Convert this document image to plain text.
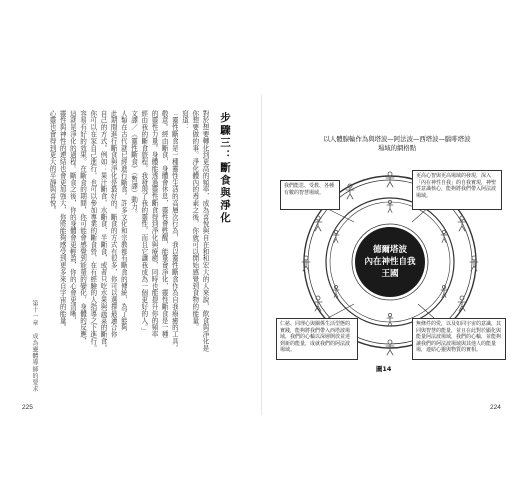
步驟三：斷食與淨化
對於想要轉化到更高的頻率，成為喜悅與自在和和宏大的人來說，飲食與淨化是
你想要做的事。淨化體內的毒素之後，你就可以開始感覺到食物的能量。
寫道：
「靈性斷食是一種靈性生活的高層次行為，我以靈性斷食作為自我療癒的工具。
敬意。經由斷食，身體會休息，靈性會甦醒，能量會淨化，靈性斷食是一種
的靈性力量。身體能透過靈性斷食得到淨化與療癒，同時也能提升你的頻率
經由我的斷食旅程，我發現了我的靈性，而且它讓我成為一個更好的人。」
文譯／《靈性斷食》（暫譯）動力。
人類在古代就已經進行斷食。許多文化和宗教都有斷食的傳統，為了能夠
此期間進行斷食與淨化是最好的。斷食的方式有很多，你可以選擇最適合你
自己的方式。例如：果汁斷食、水斷食、半斷食，或者只吃水果與蔬菜的斷食。
你可以在家自己進行，也可以參加專業的斷食營，在有經驗的人指導之下進行。
容易有好的效果。在斷食的期間，你可能會感覺到能量的變化，身體的反應，
這就是淨化的過程。斷食之後，你的身體會更輕盈，你的心會更清晰，
靈性與神性的連結也會更加強大，你將能夠感受到更多來自宇宙的能量。
心靈也會得到更大的平靜與喜悅。
第十一章　成為靈體導師的要求
225
以人體腺輪作為與塔波—阿法波—西塔波—腦啡塔波場域的網格點
德爾塔波
內在神性自我
王國
我們能思、受教、各種有數的智慧場域。
更高心智與更高場域的發現，深入「內在神性自我」的自我實現，神聖性意識核心，能夠將我們帶入阿法波場域。
仁慈、同理心與關係生活型態的實踐，能夠將我們帶入西塔波場域，我們的心輪以深層開放並達到新的能量，成就我們的阿法波場域。
無條件的愛，以及如同宇宙的意識，其同與智慧的能量，並且在此對於顯化與能量阿法波場域，我們的心輪，並能夠讓我們的阿法波場域與其他人的能量場，連結心靈與物質的實相。
圖14
224
